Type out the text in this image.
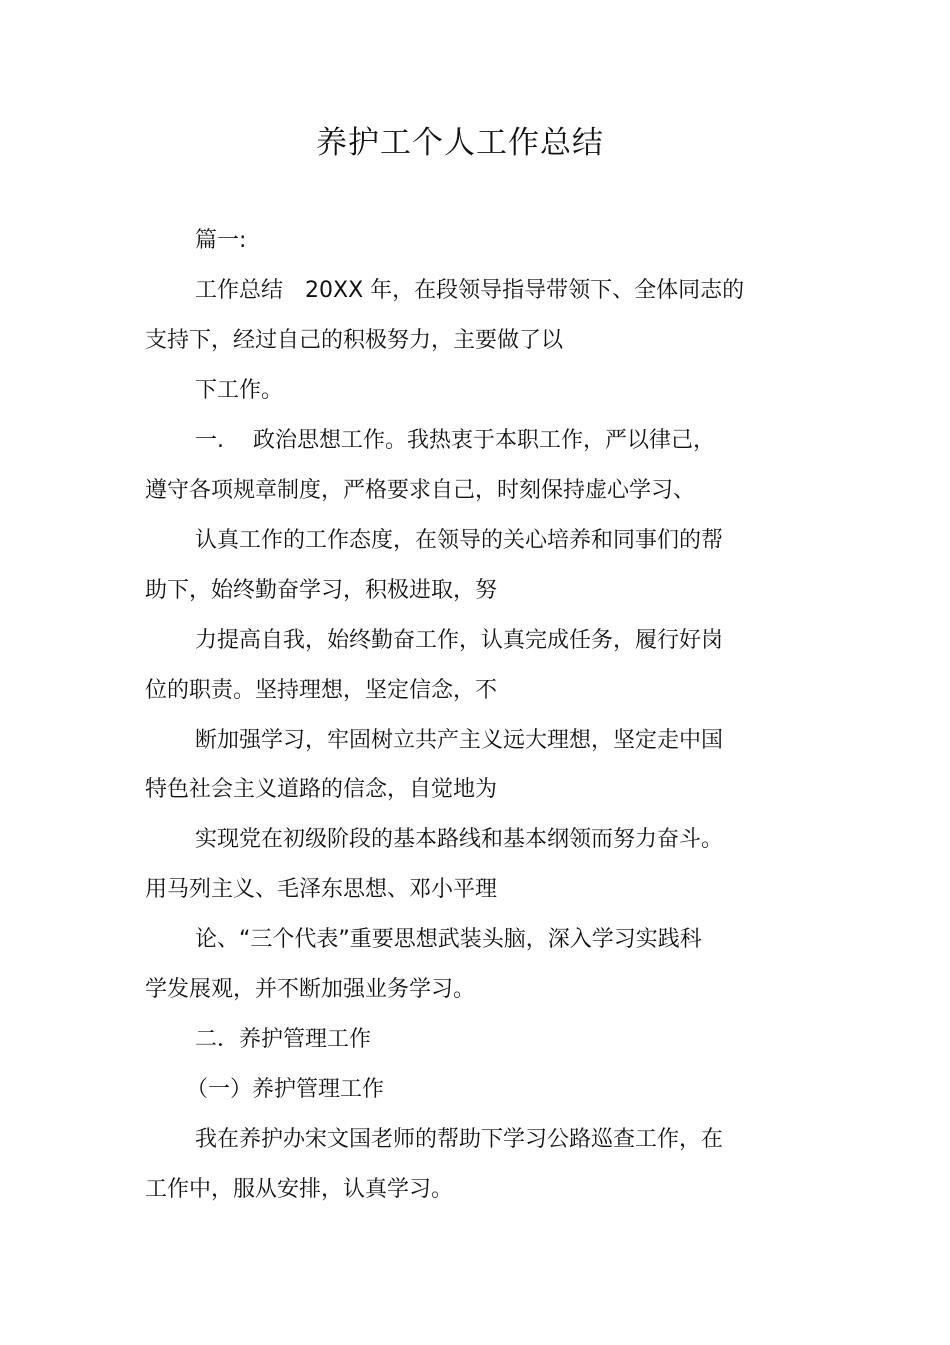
养护工个人工作总结
篇一:
工作总结　20XX 年，在段领导指导带领下、全体同志的
支持下，经过自己的积极努力，主要做了以
下工作。
一.　 政治思想工作。我热衷于本职工作，严以律己，
遵守各项规章制度，严格要求自己，时刻保持虚心学习、
认真工作的工作态度，在领导的关心培养和同事们的帮
助下，始终勤奋学习，积极进取，努
力提高自我，始终勤奋工作，认真完成任务，履行好岗
位的职责。坚持理想，坚定信念，不
断加强学习，牢固树立共产主义远大理想，坚定走中国
特色社会主义道路的信念，自觉地为
实现党在初级阶段的基本路线和基本纲领而努力奋斗。
用马列主义、毛泽东思想、邓小平理
论、“三个代表”重要思想武装头脑，深入学习实践科
学发展观，并不断加强业务学习。
二．养护管理工作
（一）养护管理工作
我在养护办宋文国老师的帮助下学习公路巡查工作，在
工作中，服从安排，认真学习。
